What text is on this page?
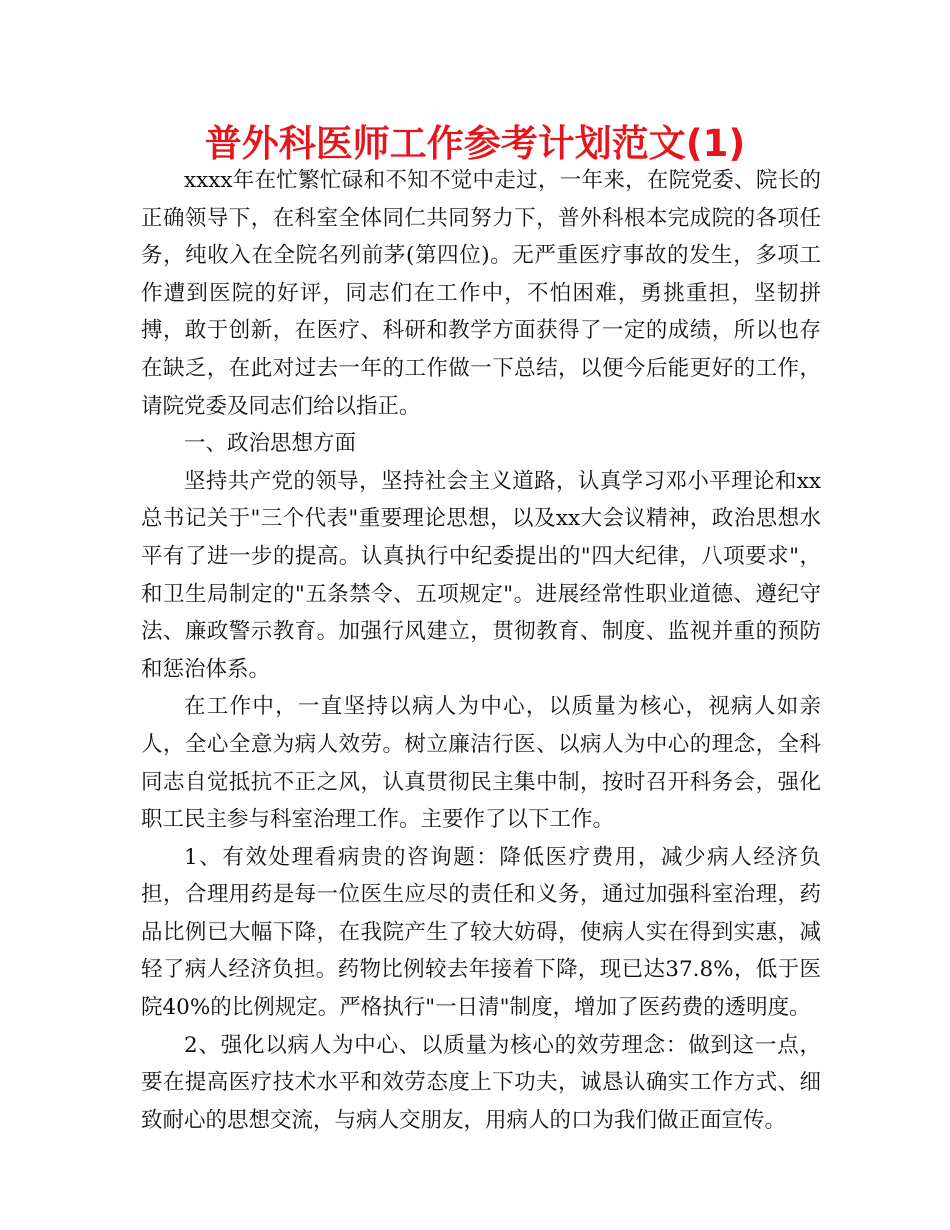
普外科医师工作参考计划范文(1)

xxxx年在忙繁忙碌和不知不觉中走过，一年来，在院党委、院长的正确领导下，在科室全体同仁共同努力下，普外科根本完成院的各项任务，纯收入在全院名列前茅(第四位)。无严重医疗事故的发生，多项工作遭到医院的好评，同志们在工作中，不怕困难，勇挑重担，坚韧拼搏，敢于创新，在医疗、科研和教学方面获得了一定的成绩，所以也存在缺乏，在此对过去一年的工作做一下总结，以便今后能更好的工作，请院党委及同志们给以指正。

一、政治思想方面

坚持共产党的领导，坚持社会主义道路，认真学习邓小平理论和xx总书记关于"三个代表"重要理论思想，以及xx大会议精神，政治思想水平有了进一步的提高。认真执行中纪委提出的"四大纪律，八项要求"，和卫生局制定的"五条禁令、五项规定"。进展经常性职业道德、遵纪守法、廉政警示教育。加强行风建立，贯彻教育、制度、监视并重的预防和惩治体系。

在工作中，一直坚持以病人为中心，以质量为核心，视病人如亲人，全心全意为病人效劳。树立廉洁行医、以病人为中心的理念，全科同志自觉抵抗不正之风，认真贯彻民主集中制，按时召开科务会，强化职工民主参与科室治理工作。主要作了以下工作。

1、有效处理看病贵的咨询题：降低医疗费用，减少病人经济负担，合理用药是每一位医生应尽的责任和义务，通过加强科室治理，药品比例已大幅下降，在我院产生了较大妨碍，使病人实在得到实惠，减轻了病人经济负担。药物比例较去年接着下降，现已达37.8%，低于医院40%的比例规定。严格执行"一日清"制度，增加了医药费的透明度。

2、强化以病人为中心、以质量为核心的效劳理念：做到这一点，要在提高医疗技术水平和效劳态度上下功夫，诚恳认确实工作方式、细致耐心的思想交流，与病人交朋友，用病人的口为我们做正面宣传。
